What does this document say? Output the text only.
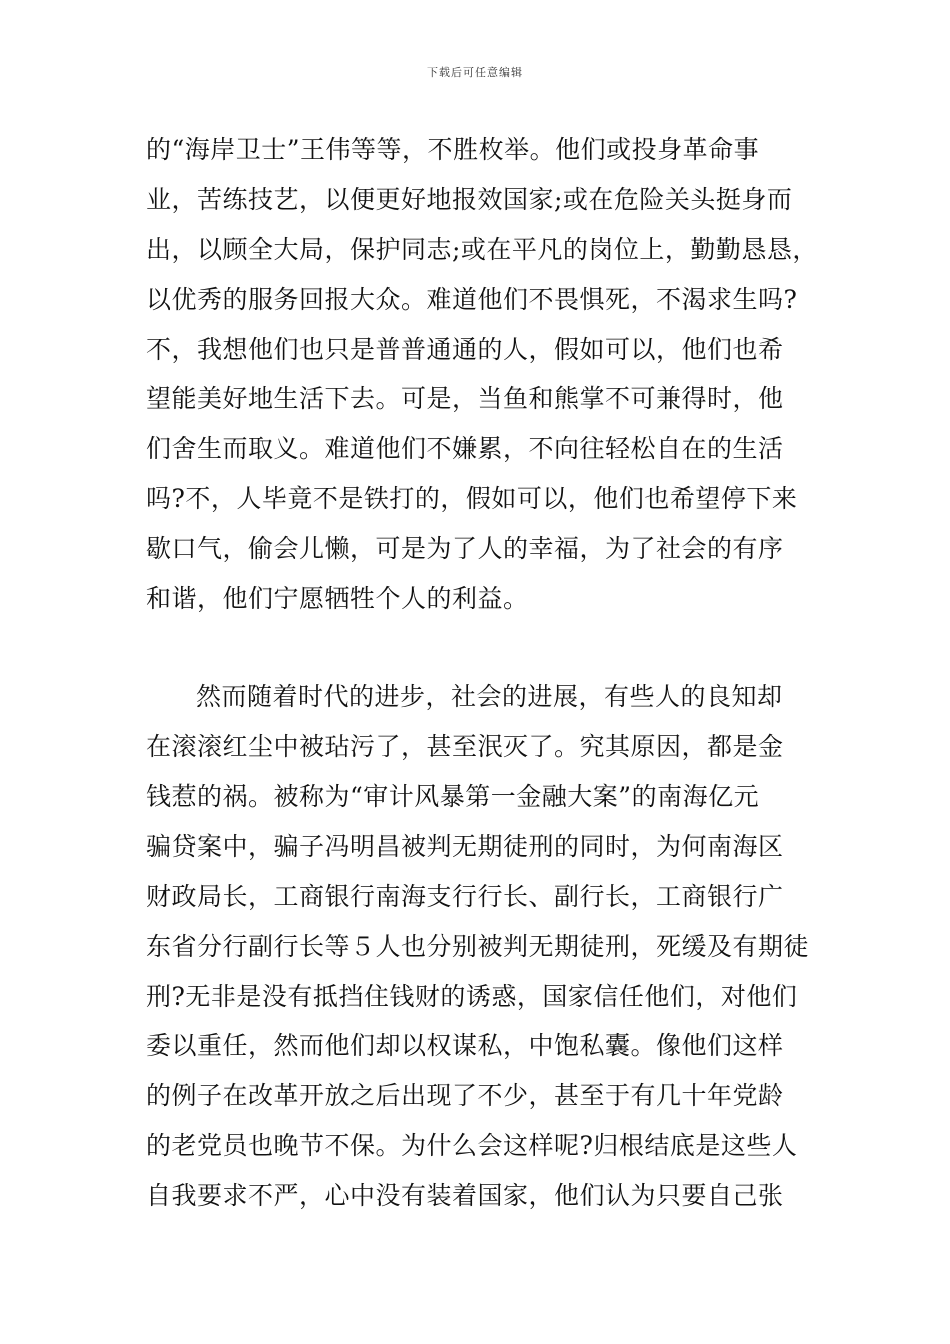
下载后可任意编辑
的“海岸卫士”王伟等等，不胜枚举。他们或投身革命事
业，苦练技艺，以便更好地报效国家;或在危险关头挺身而
出，以顾全大局，保护同志;或在平凡的岗位上，勤勤恳恳，
以优秀的服务回报大众。难道他们不畏惧死，不渴求生吗?
不，我想他们也只是普普通通的人，假如可以，他们也希
望能美好地生活下去。可是，当鱼和熊掌不可兼得时，他
们舍生而取义。难道他们不嫌累，不向往轻松自在的生活
吗?不，人毕竟不是铁打的，假如可以，他们也希望停下来
歇口气，偷会儿懒，可是为了人的幸福，为了社会的有序
和谐，他们宁愿牺牲个人的利益。
然而随着时代的进步，社会的进展，有些人的良知却
在滚滚红尘中被玷污了，甚至泯灭了。究其原因，都是金
钱惹的祸。被称为“审计风暴第一金融大案”的南海亿元
骗贷案中，骗子冯明昌被判无期徒刑的同时，为何南海区
财政局长，工商银行南海支行行长、副行长，工商银行广
东省分行副行长等５人也分别被判无期徒刑，死缓及有期徒
刑?无非是没有抵挡住钱财的诱惑，国家信任他们，对他们
委以重任，然而他们却以权谋私，中饱私囊。像他们这样
的例子在改革开放之后出现了不少，甚至于有几十年党龄
的老党员也晚节不保。为什么会这样呢?归根结底是这些人
自我要求不严，心中没有装着国家，他们认为只要自己张
